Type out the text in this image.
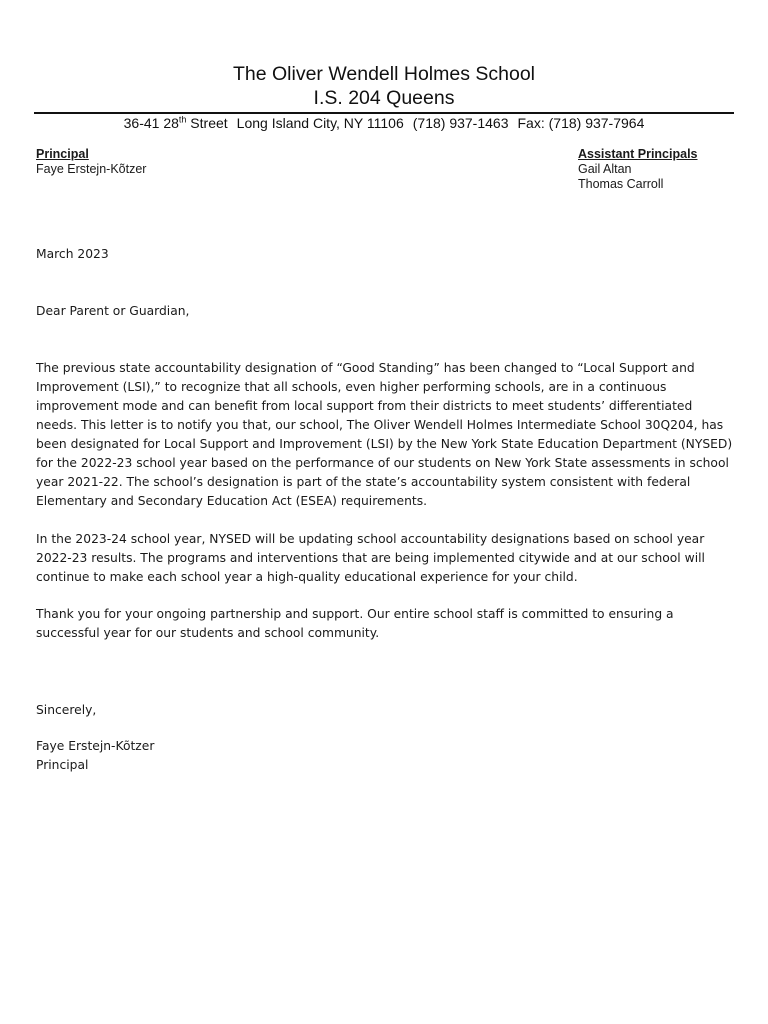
The Oliver Wendell Holmes School
I.S. 204 Queens
36-41 28th Street Long Island City, NY 11106 (718) 937-1463 Fax: (718) 937-7964
Principal
Faye Erstejn-Kõtzer
Assistant Principals
Gail Altan
Thomas Carroll
March 2023
Dear Parent or Guardian,

The previous state accountability designation of “Good Standing” has been changed to “Local Support and Improvement (LSI),” to recognize that all schools, even higher performing schools, are in a continuous improvement mode and can benefit from local support from their districts to meet students’ differentiated needs. This letter is to notify you that, our school, The Oliver Wendell Holmes Intermediate School 30Q204, has been designated for Local Support and Improvement (LSI) by the New York State Education Department (NYSED) for the 2022-23 school year based on the performance of our students on New York State assessments in school year 2021-22. The school’s designation is part of the state’s accountability system consistent with federal Elementary and Secondary Education Act (ESEA) requirements.

In the 2023-24 school year, NYSED will be updating school accountability designations based on school year 2022-23 results. The programs and interventions that are being implemented citywide and at our school will continue to make each school year a high-quality educational experience for your child.

Thank you for your ongoing partnership and support. Our entire school staff is committed to ensuring a successful year for our students and school community.

Sincerely,
Faye Erstejn-Kõtzer
Principal
